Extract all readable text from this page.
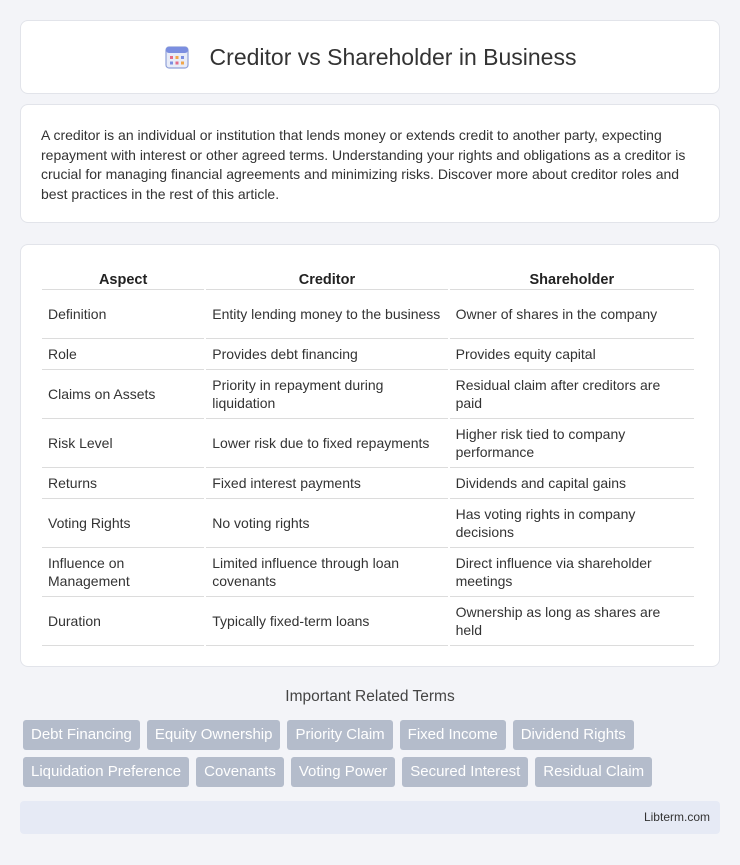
Creditor vs Shareholder in Business

A creditor is an individual or institution that lends money or extends credit to another party, expecting repayment with interest or other agreed terms. Understanding your rights and obligations as a creditor is crucial for managing financial agreements and minimizing risks. Discover more about creditor roles and best practices in the rest of this article.

Aspect	Creditor	Shareholder
Definition	Entity lending money to the business	Owner of shares in the company
Role	Provides debt financing	Provides equity capital
Claims on Assets	Priority in repayment during liquidation	Residual claim after creditors are paid
Risk Level	Lower risk due to fixed repayments	Higher risk tied to company performance
Returns	Fixed interest payments	Dividends and capital gains
Voting Rights	No voting rights	Has voting rights in company decisions
Influence on Management	Limited influence through loan covenants	Direct influence via shareholder meetings
Duration	Typically fixed-term loans	Ownership as long as shares are held
Important Related Terms
Debt Financing	Equity Ownership	Priority Claim	Fixed Income	Dividend Rights
Liquidation Preference	Covenants	Voting Power	Secured Interest	Residual Claim
Libterm.com
